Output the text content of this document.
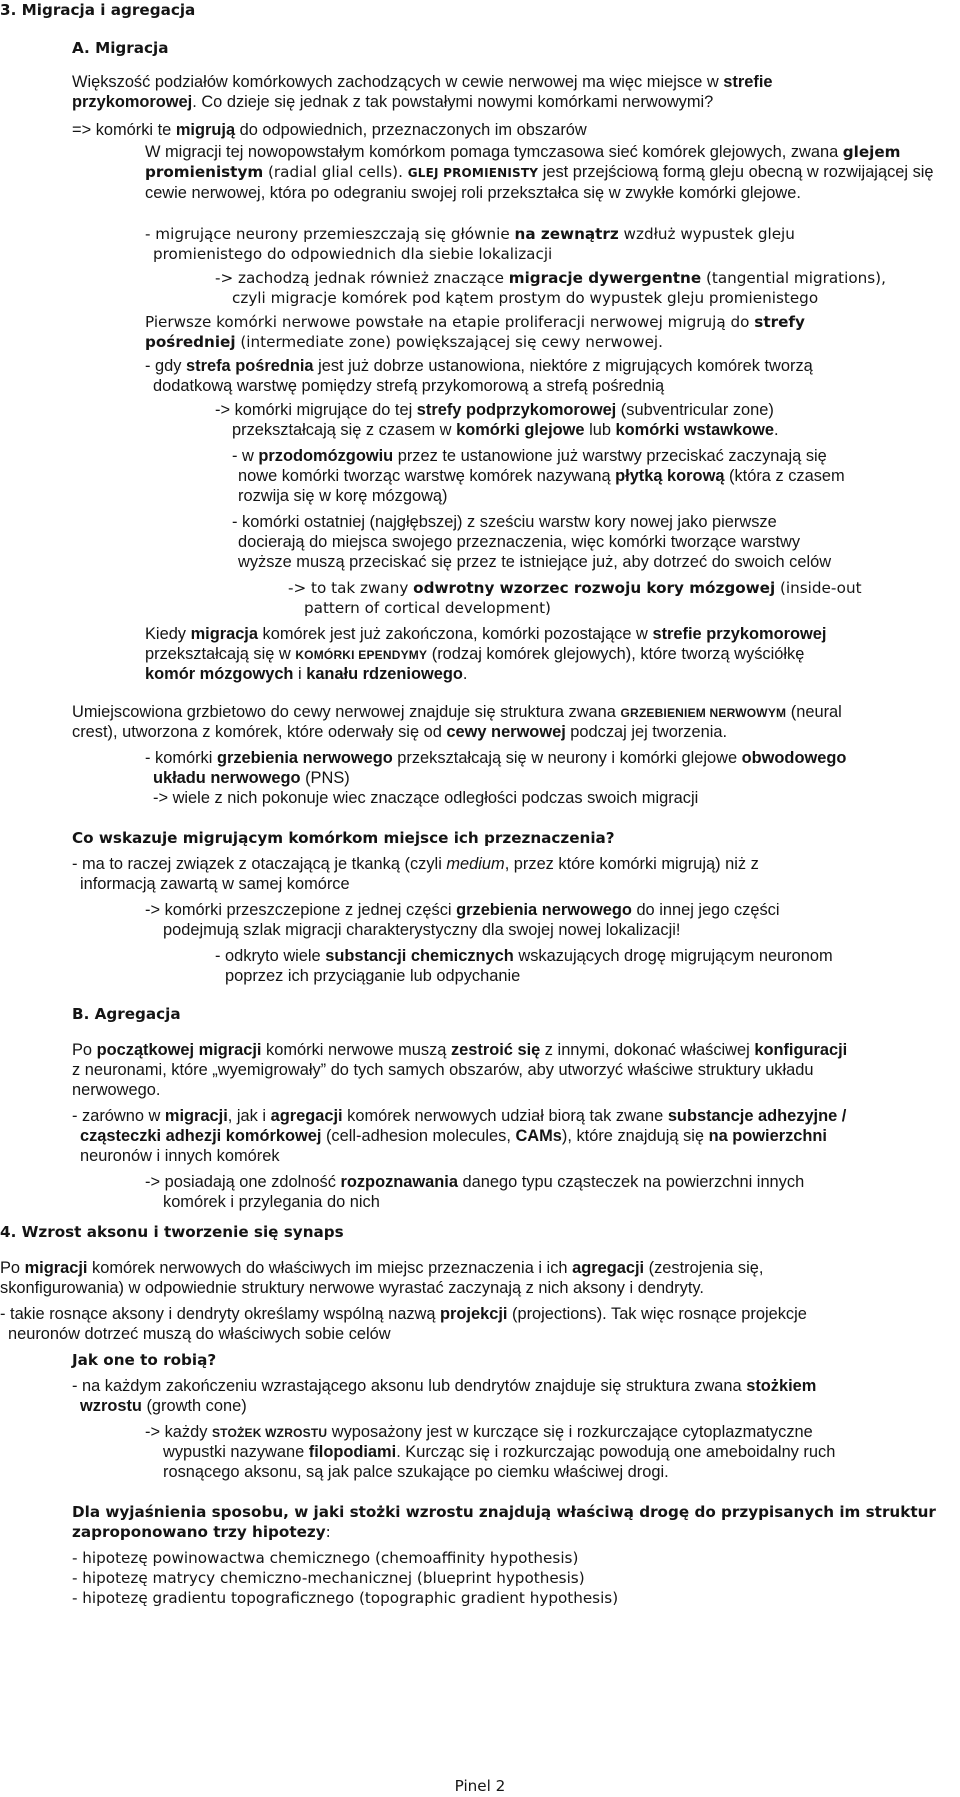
3. Migracja i agregacja
A. Migracja
Większość podziałów komórkowych zachodzących w cewie nerwowej ma więc miejsce w strefie
przykomorowej. Co dzieje się jednak z tak powstałymi nowymi komórkami nerwowymi?
=> komórki te migrują do odpowiednich, przeznaczonych im obszarów
W migracji tej nowopowstałym komórkom pomaga tymczasowa sieć komórek glejowych, zwana glejem promienistym (radial glial cells). GLEJ PROMIENISTY jest przejściową formą gleju obecną w rozwijającej się cewie nerwowej, która po odegraniu swojej roli przekształca się w zwykłe komórki glejowe.
- migrujące neurony przemieszczają się głównie na zewnątrz wzdłuż wypustek gleju
promienistego do odpowiednich dla siebie lokalizacji
-> zachodzą jednak również znaczące migracje dywergentne (tangential migrations),
czyli migracje komórek pod kątem prostym do wypustek gleju promienistego
Pierwsze komórki nerwowe powstałe na etapie proliferacji nerwowej migrują do strefy
pośredniej (intermediate zone) powiększającej się cewy nerwowej.
- gdy strefa pośrednia jest już dobrze ustanowiona, niektóre z migrujących komórek tworzą
dodatkową warstwę pomiędzy strefą przykomorową a strefą pośrednią
-> komórki migrujące do tej strefy podprzykomorowej (subventricular zone)
przekształcają się z czasem w komórki glejowe lub komórki wstawkowe.
- w przodomózgowiu przez te ustanowione już warstwy przeciskać zaczynają się
nowe komórki tworząc warstwę komórek nazywaną płytką korową (która z czasem
rozwija się w korę mózgową)
- komórki ostatniej (najgłębszej) z sześciu warstw kory nowej jako pierwsze
docierają do miejsca swojego przeznaczenia, więc komórki tworzące warstwy
wyższe muszą przeciskać się przez te istniejące już, aby dotrzeć do swoich celów
-> to tak zwany odwrotny wzorzec rozwoju kory mózgowej (inside-out
pattern of cortical development)
Kiedy migracja komórek jest już zakończona, komórki pozostające w strefie przykomorowej
przekształcają się w KOMÓRKI EPENDYMY (rodzaj komórek glejowych), które tworzą wyściółkę
komór mózgowych i kanału rdzeniowego.
Umiejscowiona grzbietowo do cewy nerwowej znajduje się struktura zwana GRZEBIENIEM NERWOWYM (neural
crest), utworzona z komórek, które oderwały się od cewy nerwowej podczaj jej tworzenia.
- komórki grzebienia nerwowego przekształcają się w neurony i komórki glejowe obwodowego
układu nerwowego (PNS)
-> wiele z nich pokonuje wiec znaczące odległości podczas swoich migracji
Co wskazuje migrującym komórkom miejsce ich przeznaczenia?
- ma to raczej związek z otaczającą je tkanką (czyli medium, przez które komórki migrują) niż z
informacją zawartą w samej komórce
-> komórki przeszczepione z jednej części grzebienia nerwowego do innej jego części
podejmują szlak migracji charakterystyczny dla swojej nowej lokalizacji!
- odkryto wiele substancji chemicznych wskazujących drogę migrującym neuronom
poprzez ich przyciąganie lub odpychanie
B. Agregacja
Po początkowej migracji komórki nerwowe muszą zestroić się z innymi, dokonać właściwej konfiguracji
z neuronami, które „wyemigrowały” do tych samych obszarów, aby utworzyć właściwe struktury układu
nerwowego.
- zarówno w migracji, jak i agregacji komórek nerwowych udział biorą tak zwane substancje adhezyjne /
cząsteczki adhezji komórkowej (cell-adhesion molecules, CAMs), które znajdują się na powierzchni
neuronów i innych komórek
-> posiadają one zdolność rozpoznawania danego typu cząsteczek na powierzchni innych
komórek i przylegania do nich
4. Wzrost aksonu i tworzenie się synaps
Po migracji komórek nerwowych do właściwych im miejsc przeznaczenia i ich agregacji (zestrojenia się,
skonfigurowania) w odpowiednie struktury nerwowe wyrastać zaczynają z nich aksony i dendryty.
- takie rosnące aksony i dendryty określamy wspólną nazwą projekcji (projections). Tak więc rosnące projekcje
neuronów dotrzeć muszą do właściwych sobie celów
Jak one to robią?
- na każdym zakończeniu wzrastającego aksonu lub dendrytów znajduje się struktura zwana stożkiem
wzrostu (growth cone)
-> każdy STOŻEK WZROSTU wyposażony jest w kurczące się i rozkurczające cytoplazmatyczne
wypustki nazywane filopodiami. Kurcząc się i rozkurczając powodują one ameboidalny ruch
rosnącego aksonu, są jak palce szukające po ciemku właściwej drogi.
Dla wyjaśnienia sposobu, w jaki stożki wzrostu znajdują właściwą drogę do przypisanych im struktur
zaproponowano trzy hipotezy:
- hipotezę powinowactwa chemicznego (chemoaffinity hypothesis)
- hipotezę matrycy chemiczno-mechanicznej (blueprint hypothesis)
- hipotezę gradientu topograficznego (topographic gradient hypothesis)
Pinel 2
